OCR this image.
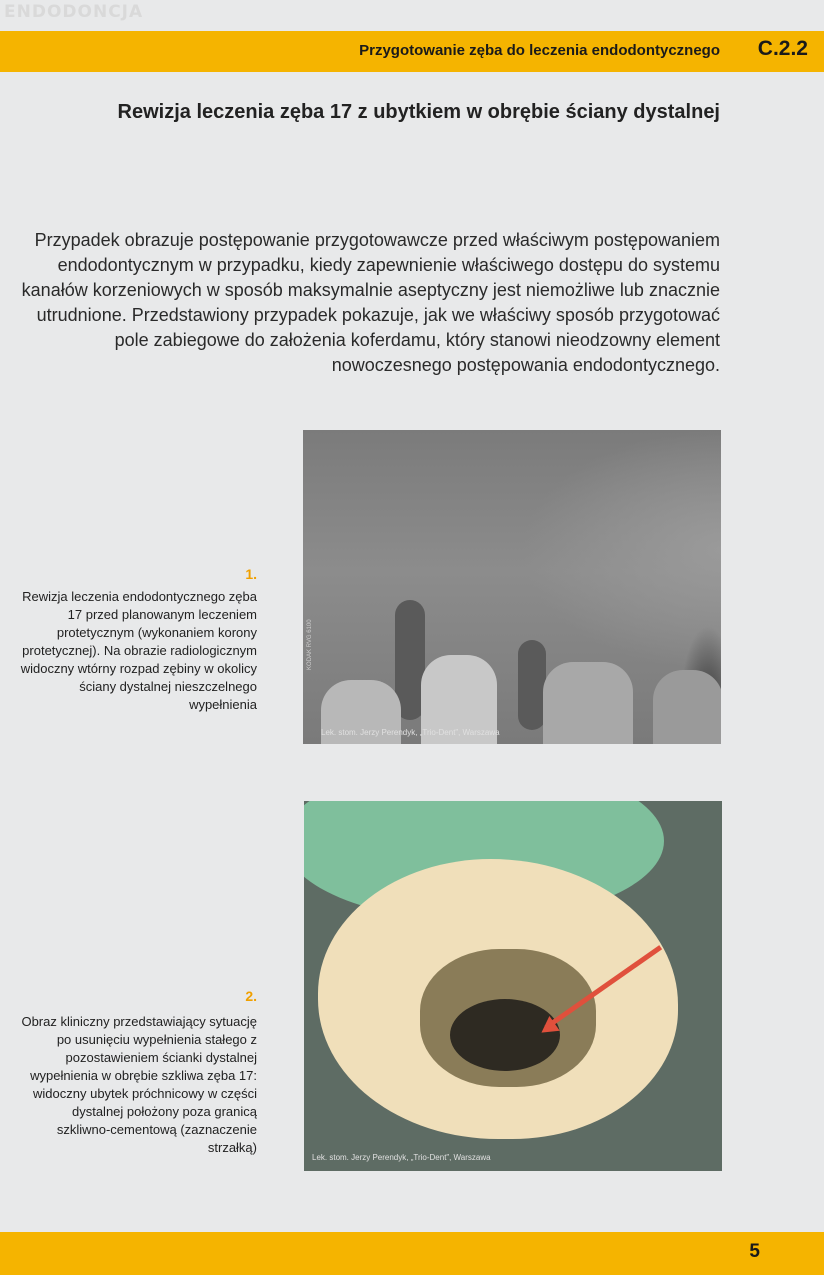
ENDODONCJA
Przygotowanie zęba do leczenia endodontycznego C.2.2
Rewizja leczenia zęba 17 z ubytkiem w obrębie ściany dystalnej

Przypadek obrazuje postępowanie przygotowawcze przed właściwym postępowaniem endodontycznym w przypadku, kiedy zapewnienie właściwego dostępu do systemu kanałów korzeniowych w sposób maksymalnie aseptyczny jest niemożliwe lub znacznie utrudnione. Przedstawiony przypadek pokazuje, jak we właściwy sposób przygotować pole zabiegowe do założenia koferdamu, który stanowi nieodzowny element nowoczesnego postępowania endodontycznego.

1.

Rewizja leczenia endodontycznego zęba 17 przed planowanym leczeniem protetycznym (wykonaniem korony protetycznej). Na obrazie radiologicznym widoczny wtórny rozpad zębiny w okolicy ściany dystalnej nieszczelnego wypełnienia

KODAK RVG 6100
Lek. stom. Jerzy Perendyk, „Trio-Dent”, Warszawa
2.

Obraz kliniczny przedstawiający sytuację po usunięciu wypełnienia stałego z pozostawieniem ścianki dystalnej wypełnienia w obrębie szkliwa zęba 17: widoczny ubytek próchnicowy w części dystalnej położony poza granicą szkliwno-cementową (zaznaczenie strzałką)

Lek. stom. Jerzy Perendyk, „Trio-Dent”, Warszawa
5
